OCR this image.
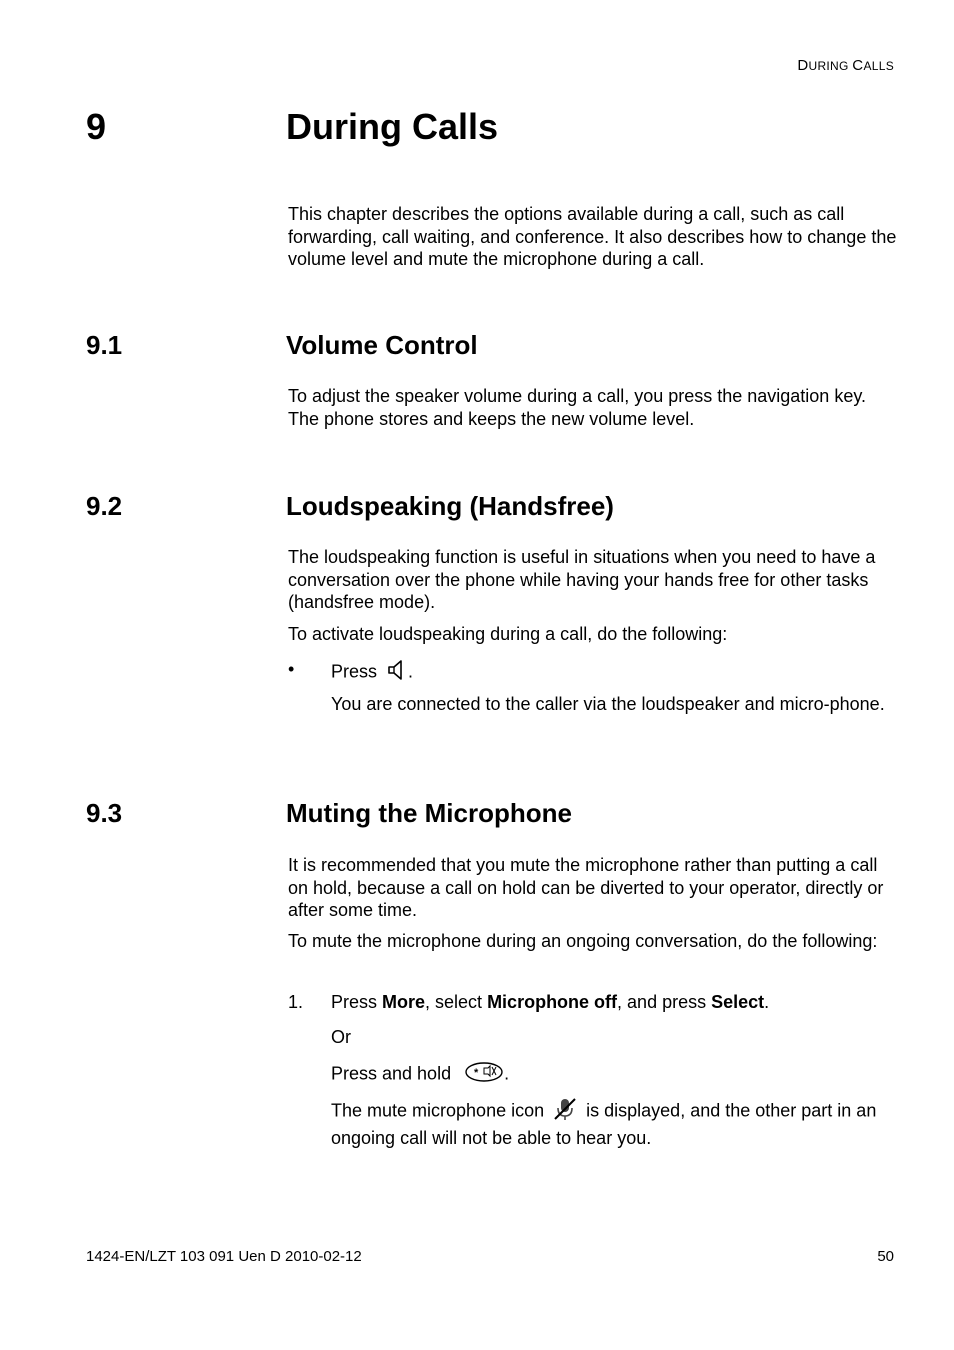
DURING CALLS
9	During Calls
This chapter describes the options available during a call, such as call forwarding, call waiting, and conference. It also describes how to change the volume level and mute the microphone during a call.
9.1	Volume Control
To adjust the speaker volume during a call, you press the navigation key. The phone stores and keeps the new volume level.
9.2	Loudspeaking (Handsfree)
The loudspeaking function is useful in situations when you need to have a conversation over the phone while having your hands free for other tasks (handsfree mode).
To activate loudspeaking during a call, do the following:
• Press .
You are connected to the caller via the loudspeaker and micro-phone.
9.3	Muting the Microphone
It is recommended that you mute the microphone rather than putting a call on hold, because a call on hold can be diverted to your operator, directly or after some time.
To mute the microphone during an ongoing conversation, do the following:
1. Press More, select Microphone off, and press Select.
Or
Press and hold * .
The mute microphone icon is displayed, and the other part in an ongoing call will not be able to hear you.
1424-EN/LZT 103 091 Uen D 2010-02-12	50
